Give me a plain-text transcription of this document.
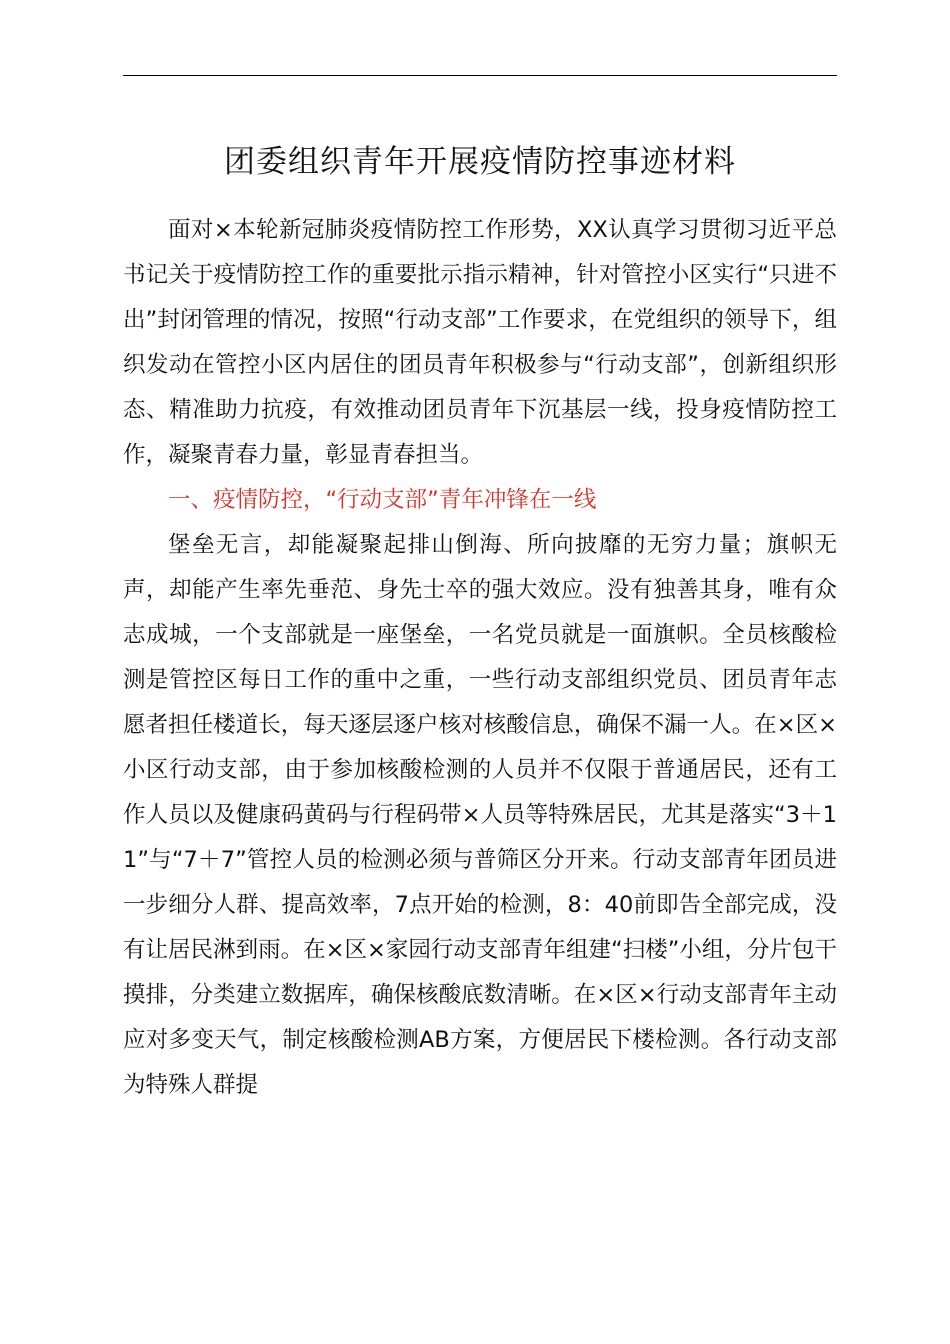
团委组织青年开展疫情防控事迹材料

面对×本轮新冠肺炎疫情防控工作形势，XX认真学习贯彻习近平总书记关于疫情防控工作的重要批示指示精神，针对管控小区实行“只进不出”封闭管理的情况，按照“行动支部”工作要求，在党组织的领导下，组织发动在管控小区内居住的团员青年积极参与“行动支部”，创新组织形态、精准助力抗疫，有效推动团员青年下沉基层一线，投身疫情防控工作，凝聚青春力量，彰显青春担当。

一、疫情防控，“行动支部”青年冲锋在一线

堡垒无言，却能凝聚起排山倒海、所向披靡的无穷力量；旗帜无声，却能产生率先垂范、身先士卒的强大效应。没有独善其身，唯有众志成城，一个支部就是一座堡垒，一名党员就是一面旗帜。全员核酸检测是管控区每日工作的重中之重，一些行动支部组织党员、团员青年志愿者担任楼道长，每天逐层逐户核对核酸信息，确保不漏一人。在×区×小区行动支部，由于参加核酸检测的人员并不仅限于普通居民，还有工作人员以及健康码黄码与行程码带×人员等特殊居民，尤其是落实“3＋11”与“7＋7”管控人员的检测必须与普筛区分开来。行动支部青年团员进一步细分人群、提高效率，7点开始的检测，8：40前即告全部完成，没有让居民淋到雨。在×区×家园行动支部青年组建“扫楼”小组，分片包干摸排，分类建立数据库，确保核酸底数清晰。在×区×行动支部青年主动应对多变天气，制定核酸检测AB方案，方便居民下楼检测。各行动支部为特殊人群提
